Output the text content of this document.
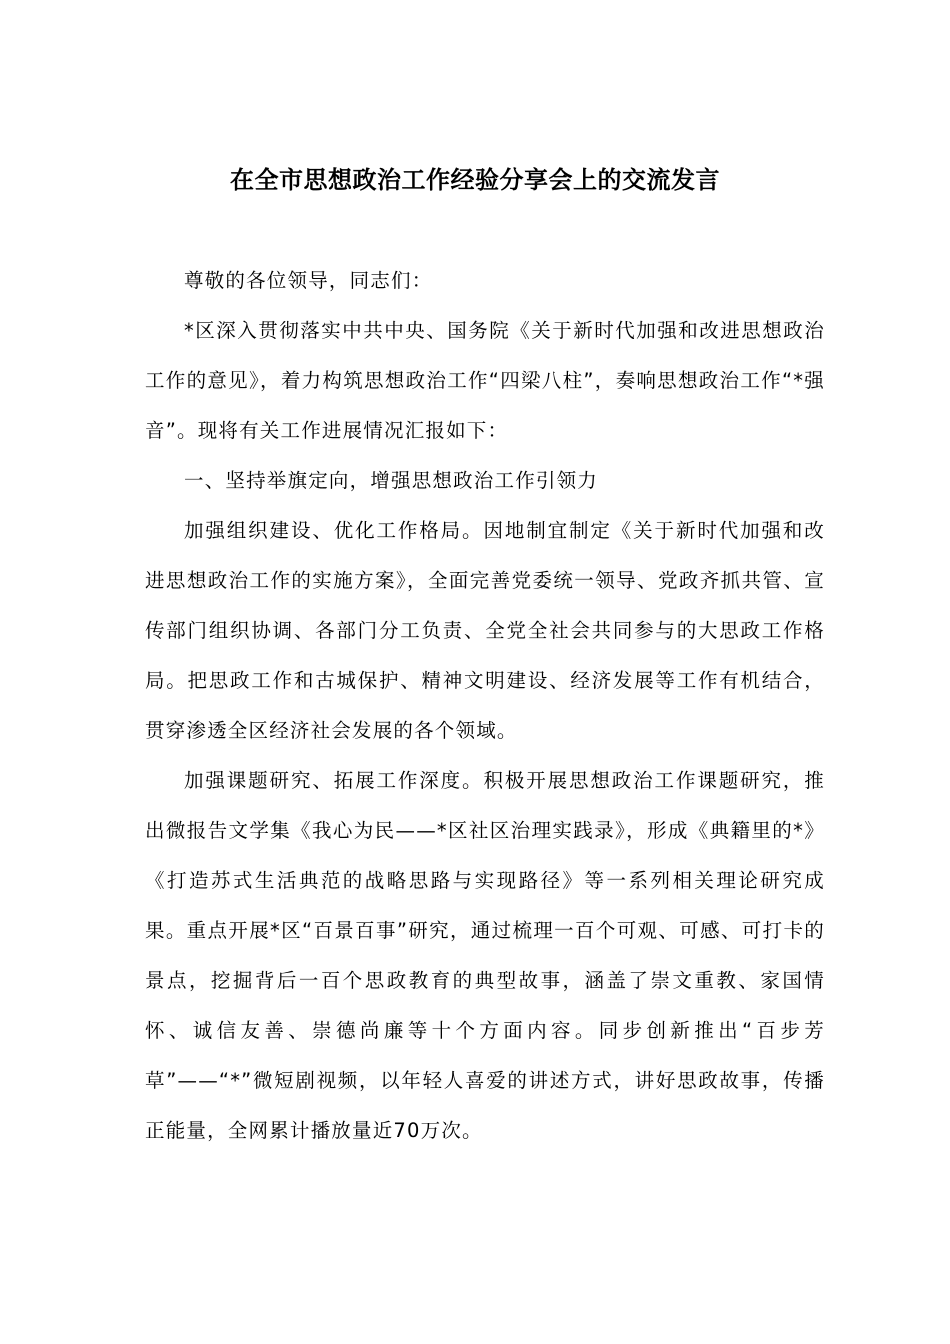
在全市思想政治工作经验分享会上的交流发言

尊敬的各位领导，同志们：

*区深入贯彻落实中共中央、国务院《关于新时代加强和改进思想政治工作的意见》，着力构筑思想政治工作“四梁八柱”，奏响思想政治工作“*强音”。现将有关工作进展情况汇报如下：

一、坚持举旗定向，增强思想政治工作引领力

加强组织建设、优化工作格局。因地制宜制定《关于新时代加强和改进思想政治工作的实施方案》，全面完善党委统一领导、党政齐抓共管、宣传部门组织协调、各部门分工负责、全党全社会共同参与的大思政工作格局。把思政工作和古城保护、精神文明建设、经济发展等工作有机结合，贯穿渗透全区经济社会发展的各个领域。

加强课题研究、拓展工作深度。积极开展思想政治工作课题研究，推出微报告文学集《我心为民——*区社区治理实践录》，形成《典籍里的*》《打造苏式生活典范的战略思路与实现路径》等一系列相关理论研究成果。重点开展*区“百景百事”研究，通过梳理一百个可观、可感、可打卡的景点，挖掘背后一百个思政教育的典型故事，涵盖了崇文重教、家国情怀、诚信友善、崇德尚廉等十个方面内容。同步创新推出“百步芳草”——“*”微短剧视频，以年轻人喜爱的讲述方式，讲好思政故事，传播正能量，全网累计播放量近70万次。
